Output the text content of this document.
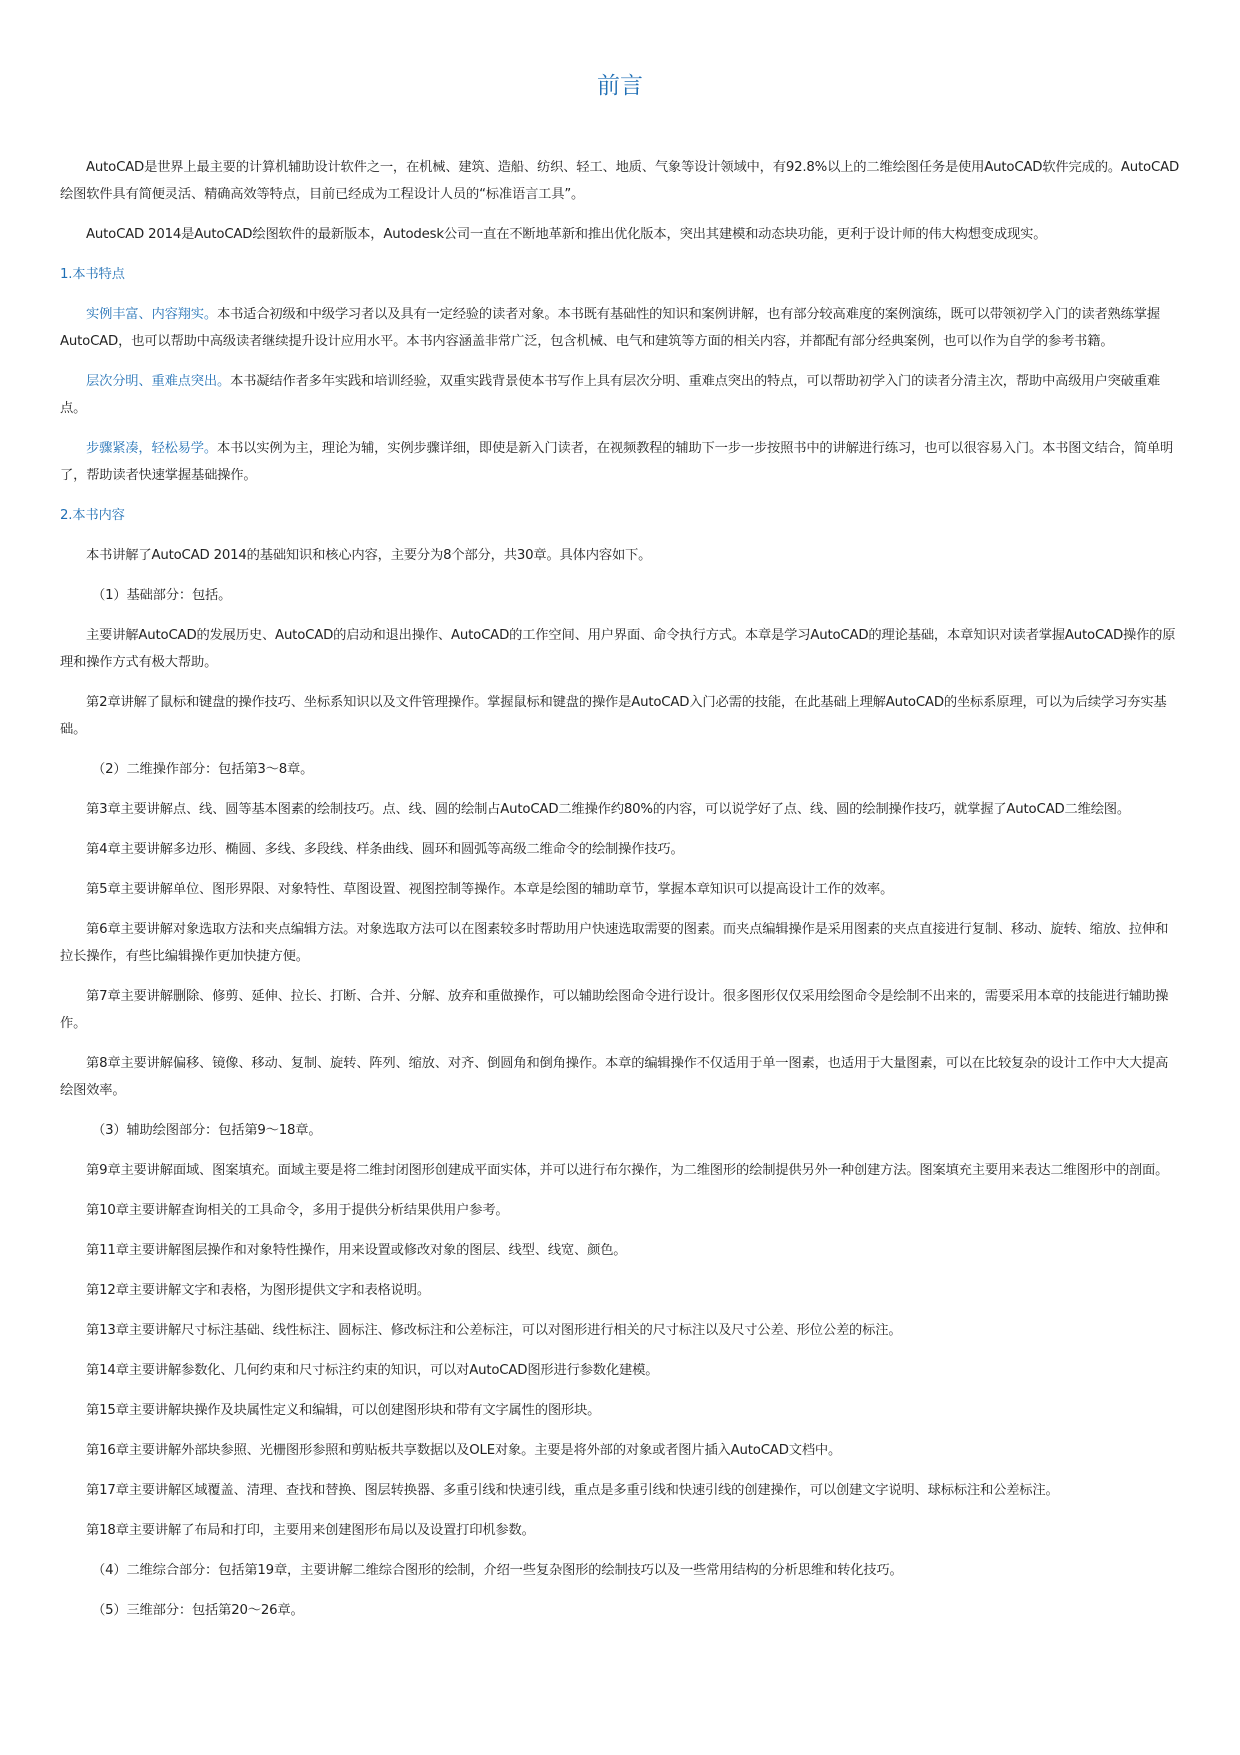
前言

AutoCAD是世界上最主要的计算机辅助设计软件之一，在机械、建筑、造船、纺织、轻工、地质、气象等设计领域中，有92.8%以上的二维绘图任务是使用AutoCAD软件完成的。AutoCAD绘图软件具有简便灵活、精确高效等特点，目前已经成为工程设计人员的“标准语言工具”。

AutoCAD 2014是AutoCAD绘图软件的最新版本，Autodesk公司一直在不断地革新和推出优化版本，突出其建模和动态块功能，更利于设计师的伟大构想变成现实。

1.本书特点

实例丰富、内容翔实。本书适合初级和中级学习者以及具有一定经验的读者对象。本书既有基础性的知识和案例讲解，也有部分较高难度的案例演练，既可以带领初学入门的读者熟练掌握AutoCAD，也可以帮助中高级读者继续提升设计应用水平。本书内容涵盖非常广泛，包含机械、电气和建筑等方面的相关内容，并都配有部分经典案例，也可以作为自学的参考书籍。

层次分明、重难点突出。本书凝结作者多年实践和培训经验，双重实践背景使本书写作上具有层次分明、重难点突出的特点，可以帮助初学入门的读者分清主次，帮助中高级用户突破重难点。

步骤紧凑，轻松易学。本书以实例为主，理论为辅，实例步骤详细，即使是新入门读者，在视频教程的辅助下一步一步按照书中的讲解进行练习，也可以很容易入门。本书图文结合，简单明了，帮助读者快速掌握基础操作。

2.本书内容

本书讲解了AutoCAD 2014的基础知识和核心内容，主要分为8个部分，共30章。具体内容如下。

（1）基础部分：包括。

主要讲解AutoCAD的发展历史、AutoCAD的启动和退出操作、AutoCAD的工作空间、用户界面、命令执行方式。本章是学习AutoCAD的理论基础，本章知识对读者掌握AutoCAD操作的原理和操作方式有极大帮助。

第2章讲解了鼠标和键盘的操作技巧、坐标系知识以及文件管理操作。掌握鼠标和键盘的操作是AutoCAD入门必需的技能，在此基础上理解AutoCAD的坐标系原理，可以为后续学习夯实基础。

（2）二维操作部分：包括第3～8章。

第3章主要讲解点、线、圆等基本图素的绘制技巧。点、线、圆的绘制占AutoCAD二维操作约80%的内容，可以说学好了点、线、圆的绘制操作技巧，就掌握了AutoCAD二维绘图。

第4章主要讲解多边形、椭圆、多线、多段线、样条曲线、圆环和圆弧等高级二维命令的绘制操作技巧。

第5章主要讲解单位、图形界限、对象特性、草图设置、视图控制等操作。本章是绘图的辅助章节，掌握本章知识可以提高设计工作的效率。

第6章主要讲解对象选取方法和夹点编辑方法。对象选取方法可以在图素较多时帮助用户快速选取需要的图素。而夹点编辑操作是采用图素的夹点直接进行复制、移动、旋转、缩放、拉伸和拉长操作，有些比编辑操作更加快捷方便。

第7章主要讲解删除、修剪、延伸、拉长、打断、合并、分解、放弃和重做操作，可以辅助绘图命令进行设计。很多图形仅仅采用绘图命令是绘制不出来的，需要采用本章的技能进行辅助操作。

第8章主要讲解偏移、镜像、移动、复制、旋转、阵列、缩放、对齐、倒圆角和倒角操作。本章的编辑操作不仅适用于单一图素，也适用于大量图素，可以在比较复杂的设计工作中大大提高绘图效率。

（3）辅助绘图部分：包括第9～18章。

第9章主要讲解面域、图案填充。面域主要是将二维封闭图形创建成平面实体，并可以进行布尔操作，为二维图形的绘制提供另外一种创建方法。图案填充主要用来表达二维图形中的剖面。

第10章主要讲解查询相关的工具命令，多用于提供分析结果供用户参考。

第11章主要讲解图层操作和对象特性操作，用来设置或修改对象的图层、线型、线宽、颜色。

第12章主要讲解文字和表格，为图形提供文字和表格说明。

第13章主要讲解尺寸标注基础、线性标注、圆标注、修改标注和公差标注，可以对图形进行相关的尺寸标注以及尺寸公差、形位公差的标注。

第14章主要讲解参数化、几何约束和尺寸标注约束的知识，可以对AutoCAD图形进行参数化建模。

第15章主要讲解块操作及块属性定义和编辑，可以创建图形块和带有文字属性的图形块。

第16章主要讲解外部块参照、光栅图形参照和剪贴板共享数据以及OLE对象。主要是将外部的对象或者图片插入AutoCAD文档中。

第17章主要讲解区域覆盖、清理、查找和替换、图层转换器、多重引线和快速引线，重点是多重引线和快速引线的创建操作，可以创建文字说明、球标标注和公差标注。

第18章主要讲解了布局和打印，主要用来创建图形布局以及设置打印机参数。

（4）二维综合部分：包括第19章，主要讲解二维综合图形的绘制，介绍一些复杂图形的绘制技巧以及一些常用结构的分析思维和转化技巧。

（5）三维部分：包括第20～26章。
